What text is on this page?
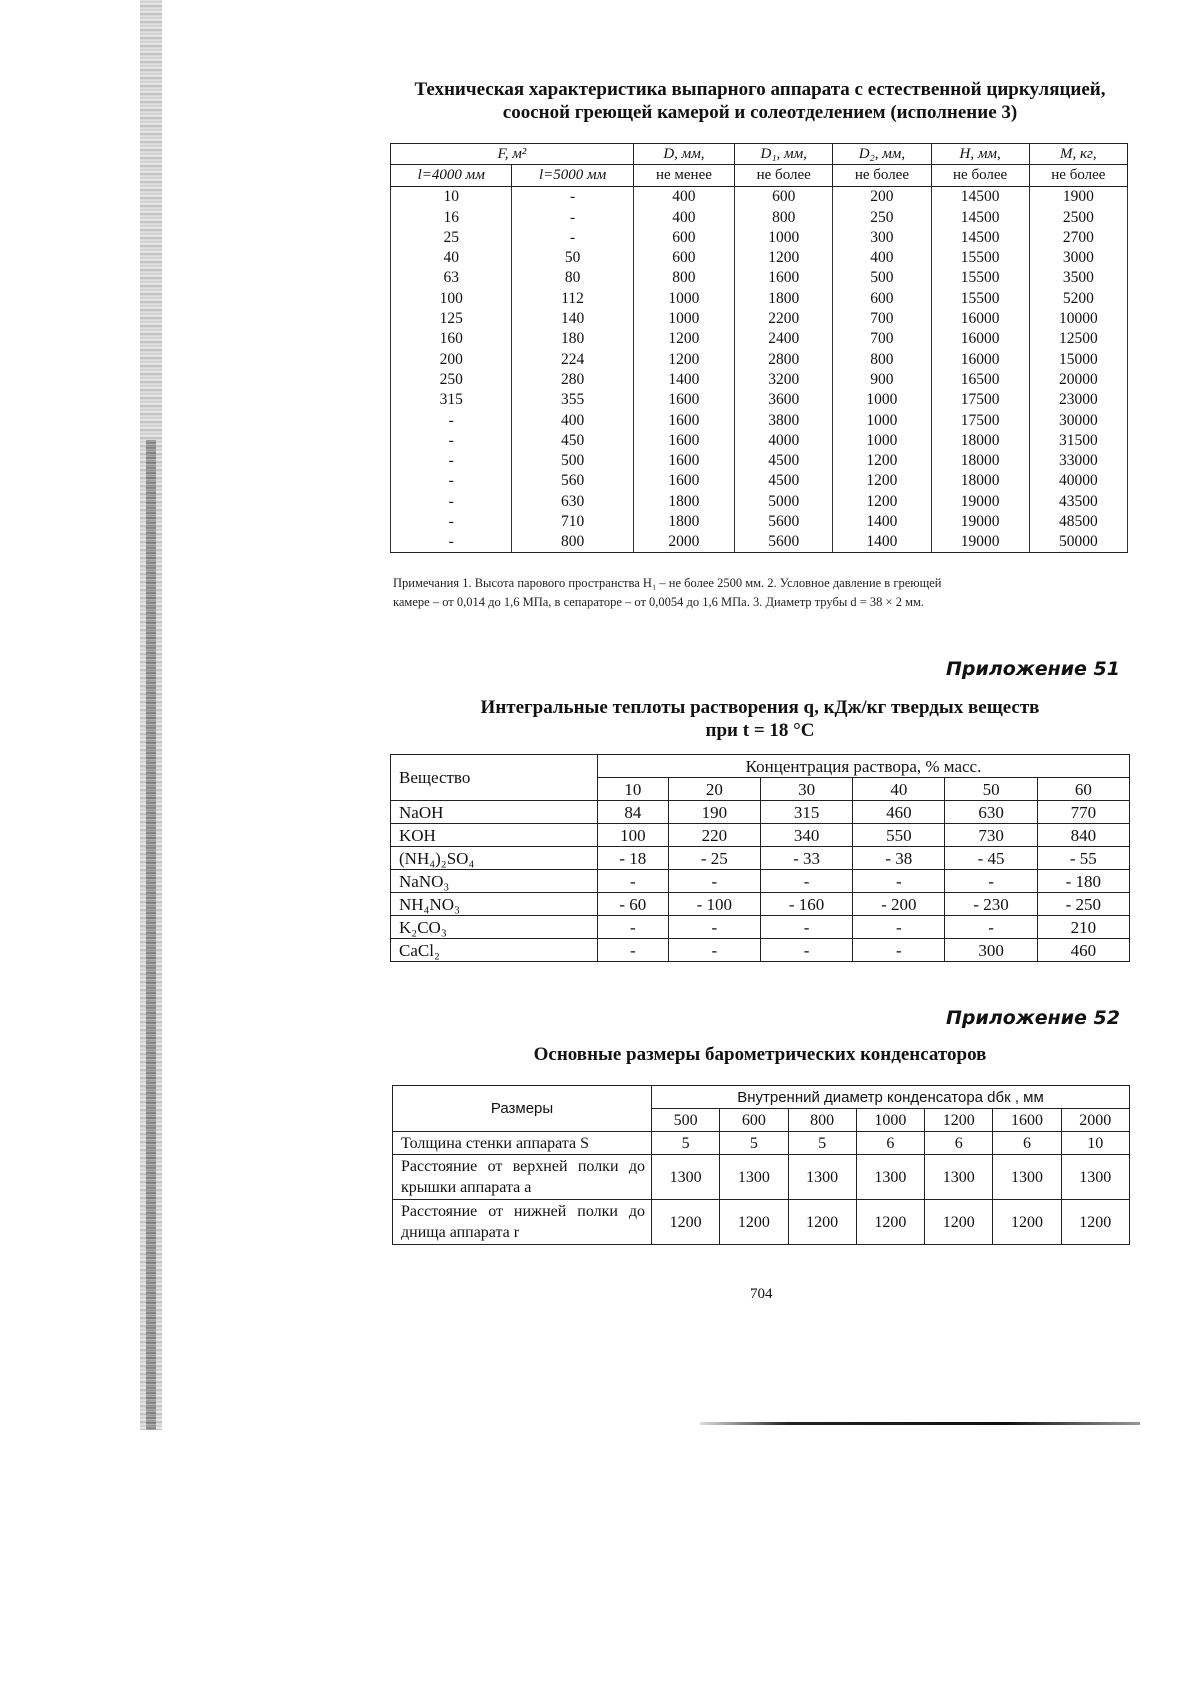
Техническая характеристика выпарного аппарата с естественной циркуляцией,
соосной греющей камерой и солеотделением (исполнение 3)
F, м²		D, мм,	D₁, мм,	D₂, мм,	H, мм,	M, кг,
l=4000 мм	l=5000 мм	не менее	не более	не более	не более	не более
10	-	400	600	200	14500	1900
16	-	400	800	250	14500	2500
25	-	600	1000	300	14500	2700
40	50	600	1200	400	15500	3000
63	80	800	1600	500	15500	3500
100	112	1000	1800	600	15500	5200
125	140	1000	2200	700	16000	10000
160	180	1200	2400	700	16000	12500
200	224	1200	2800	800	16000	15000
250	280	1400	3200	900	16500	20000
315	355	1600	3600	1000	17500	23000
-	400	1600	3800	1000	17500	30000
-	450	1600	4000	1000	18000	31500
-	500	1600	4500	1200	18000	33000
-	560	1600	4500	1200	18000	40000
-	630	1800	5000	1200	19000	43500
-	710	1800	5600	1400	19000	48500
-	800	2000	5600	1400	19000	50000
Примечания 1. Высота парового пространства H₁ – не более 2500 мм. 2. Условное давление в греющей
камере – от 0,014 до 1,6 МПа, в сепараторе – от 0,0054 до 1,6 МПа. 3. Диаметр трубы d = 38 × 2 мм.
Приложение 51
Интегральные теплоты растворения q, кДж/кг твердых веществ
при t = 18 °C
Вещество	Концентрация раствора, % масс.					
	10	20	30	40	50	60
NaOH	84	190	315	460	630	770
KOH	100	220	340	550	730	840
(NH₄)₂SO₄	- 18	- 25	- 33	- 38	- 45	- 55
NaNO₃	-	-	-	-	-	- 180
NH₄NO₃	- 60	- 100	- 160	- 200	- 230	- 250
K₂CO₃	-	-	-	-	-	210
CaCl₂	-	-	-	-	300	460
Приложение 52
Основные размеры барометрических конденсаторов
Размеры	Внутренний диаметр конденсатора dбк , мм						
	500	600	800	1000	1200	1600	2000
Толщина стенки аппарата S	5	5	5	6	6	6	10
Расстояние от верхней полки до крышки аппарата a	1300	1300	1300	1300	1300	1300	1300
Расстояние от нижней полки до днища аппарата r	1200	1200	1200	1200	1200	1200	1200
704
